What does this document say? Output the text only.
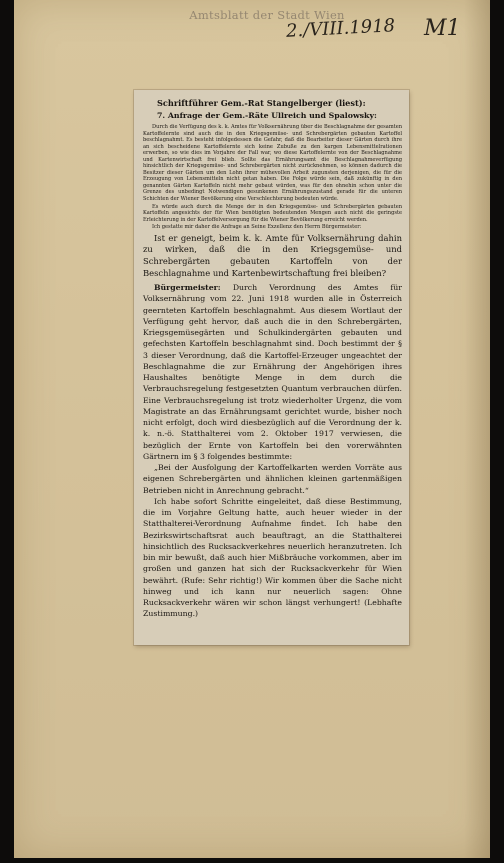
Amtsblatt der Stadt Wien
2./VIII.1918 M1
Schriftführer Gem.-Rat Stangelberger (liest):
7. Anfrage der Gem.-Räte Ullreich und Spalowsky:

Durch die Verfügung des k. k. Amtes für Volksernährung über die Beschlagnahme der gesamten Kartoffelernte sind auch die in den Kriegsgemüse- und Schrebergärten gebauten Kartoffel beschlagnahmt. Es besteht infolgedessen die Gefahr, daß die Bearbeiter dieser Gärten durch ihre an sich bescheidene Kartoffelernte sich keine Zubuße zu den kargen Lebensmittelrationen erwerben, so wie dies im Vorjahre der Fall war, wo diese Kartoffelernte von der Beschlagnahme und Kartenwirtschaft frei blieb. Sollte das Ernährungsamt die Beschlagnahmeverfügung hinsichtlich der Kriegsgemüse- und Schrebergärten nicht zurücknehmen, so können dadurch die Besitzer dieser Gärten um den Lohn ihrer mühevollen Arbeit zugunsten derjenigen, die für die Erzeugung von Lebensmitteln nicht getan haben. Die Folge würde sein, daß zukünftig in den genannten Gärten Kartoffeln nicht mehr gebaut würden, was für den ohnehin schon unter die Grenze des unbedingt Notwendigen gesunkenen Ernährungszustand gerade für die unteren Schichten der Wiener Bevölkerung eine Verschlechterung bedeuten würde.

Es würde auch durch die Menge der in den Kriegsgemüse- und Schrebergärten gebauten Kartoffeln angesichts der für Wien benötigten bedeutenden Mengen auch nicht die geringste Erleichterung in der Kartoffelversorgung für die Wiener Bevölkerung erreicht werden.

Ich gestatte mir daher die Anfrage an Seine Exzellenz den Herrn Bürgermeister:

Ist er geneigt, beim k. k. Amte für Volksernährung dahin zu wirken, daß die in den Kriegsgemüse- und Schrebergärten gebauten Kartoffeln von der Beschlagnahme und Kartenbewirtschaftung frei bleiben?

Bürgermeister: Durch Verordnung des Amtes für Volksernährung vom 22. Juni 1918 wurden alle in Österreich geernteten Kartoffeln beschlagnahmt. Aus diesem Wortlaut der Verfügung geht hervor, daß auch die in den Schrebergärten, Kriegsgemüsegärten und Schulkindergärten gebauten und gefechsten Kartoffeln beschlagnahmt sind. Doch bestimmt der § 3 dieser Verordnung, daß die Kartoffel-Erzeuger ungeachtet der Beschlagnahme die zur Ernährung der Angehörigen ihres Haushaltes benötigte Menge in dem durch die Verbrauchsregelung festgesetzten Quantum verbrauchen dürfen. Eine Verbrauchsregelung ist trotz wiederholter Urgenz, die vom Magistrate an das Ernährungsamt gerichtet wurde, bisher noch nicht erfolgt, doch wird diesbezüglich auf die Verordnung der k. k. n.-ö. Statthalterei vom 2. Oktober 1917 verwiesen, die bezüglich der Ernte von Kartoffeln bei den vorerwähnten Gärtnern im § 3 folgendes bestimmte:

„Bei der Ausfolgung der Kartoffelkarten werden Vorräte aus eigenen Schrebergärten und ähnlichen kleinen gartenmäßigen Betrieben nicht in Anrechnung gebracht.“

Ich habe sofort Schritte eingeleitet, daß diese Bestimmung, die im Vorjahre Geltung hatte, auch heuer wieder in der Statthalterei-Verordnung Aufnahme findet. Ich habe den Bezirkswirtschaftsrat auch beauftragt, an die Statthalterei hinsichtlich des Rucksackverkehres neuerlich heranzutreten. Ich bin mir bewußt, daß auch hier Mißbräuche vorkommen, aber im großen und ganzen hat sich der Rucksackverkehr für Wien bewährt. (Rufe: Sehr richtig!) Wir kommen über die Sache nicht hinweg und ich kann nur neuerlich sagen: Ohne Rucksackverkehr wären wir schon längst verhungert! (Lebhafte Zustimmung.)
